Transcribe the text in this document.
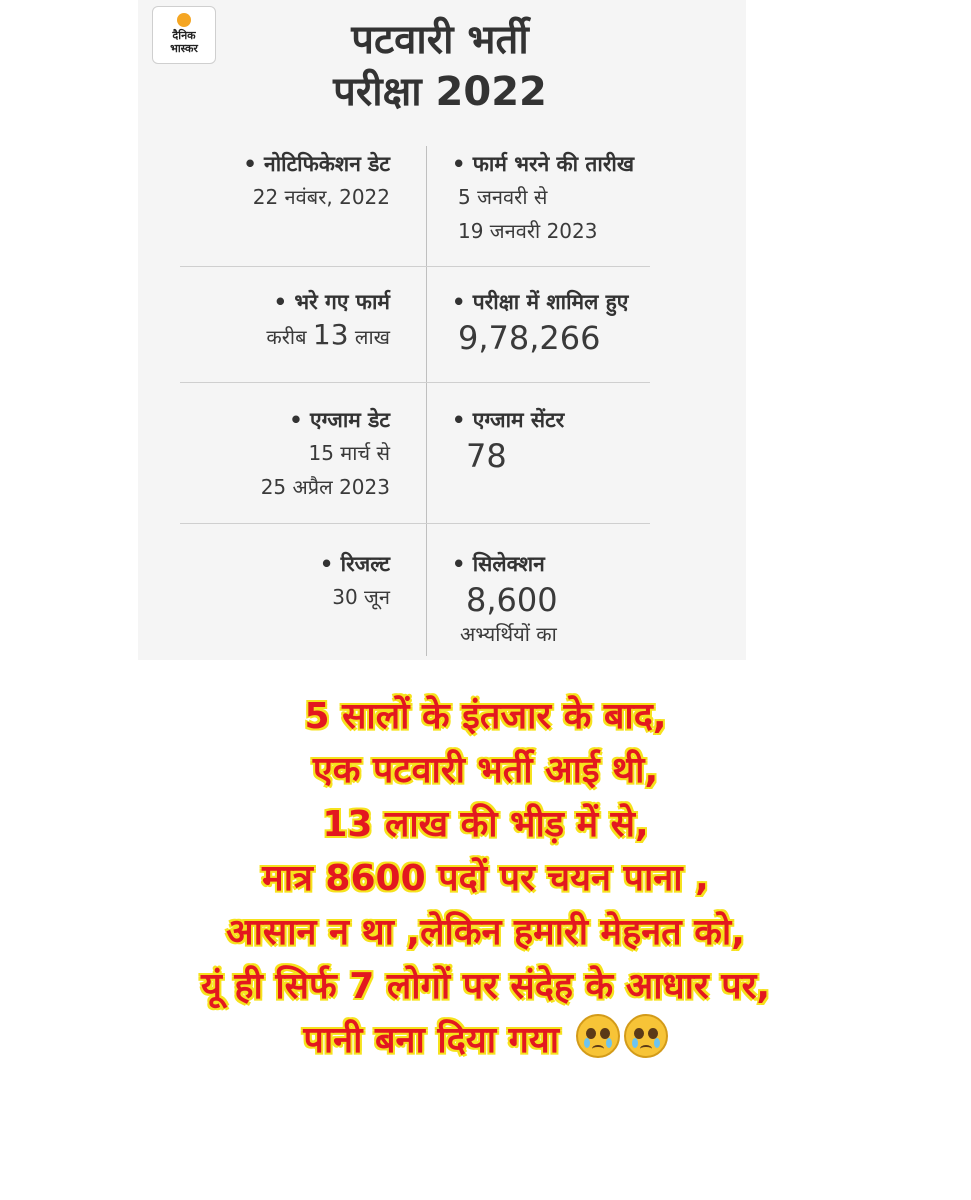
दैनिक
भास्कर	पटवारी भर्ती
परीक्षा 2022
• नोटिफिकेशन डेट
22 नवंबर, 2022
• फार्म भरने की तारीख
5 जनवरी से
19 जनवरी 2023
• भरे गए फार्म
करीब 13 लाख
• परीक्षा में शामिल हुए
9,78,266
• एग्जाम डेट
15 मार्च से
25 अप्रैल 2023
• एग्जाम सेंटर
78
• रिजल्ट
30 जून
• सिलेक्शन
8,600
अभ्यर्थियों का
5 सालों के इंतजार के बाद,
एक पटवारी भर्ती आई थी,
13 लाख की भीड़ में से,
मात्र 8600 पदों पर चयन पाना ,
आसान न था ,लेकिन हमारी मेहनत को,
यूं ही सिर्फ 7 लोगों पर संदेह के आधार पर,
पानी बना दिया गया
